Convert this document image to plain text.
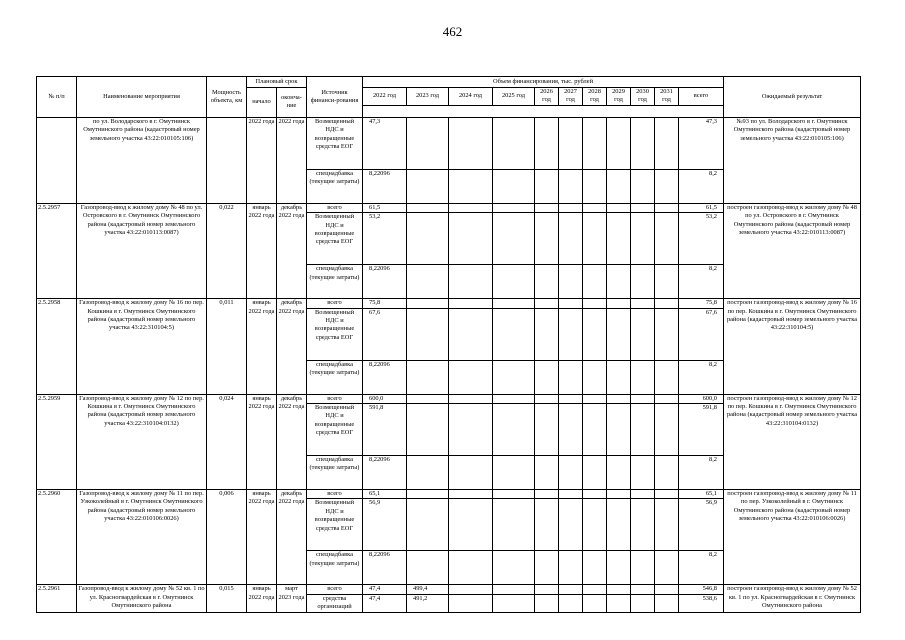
462
№ п/п	Наименование мероприятия	Мощность объекта, км	Плановый срок		Источник финанси-рования	Объем финансирования, тыс. рублей											Ожидаемый результат
			начало	оконча-ние		2022 год	2023 год	2024 год	2025 год	2026 год	2027 год	2028 год	2029 год	2030 год	2031 год	всего	

	по ул. Володарского в г. Омутнинск Омутнинского района (кадастровый номер земельного участка 43:22:010105:106)		2022 года	2022 года	Возмещенный НДС и возвращенные средства ЕОГ	47,3										47,3	№93 по ул. Володарского в г. Омутнинск Омутнинского района (кадастровый номер земельного участка 43:22:010105:106)
					спецнадбавка (текущие затраты)	8,22096										8,2	
2.5.2957	Газопровод-ввод к жилому дому № 48 по ул. Островского в г. Омутнинск Омутнинского района (кадастровый номер земельного участка 43:22:010113:0087)	0,022	январь 2022 года	декабрь 2022 года	всего	61,5										61,5	построен газопровод-ввод к жилому дому № 48 по ул. Островского в г. Омутнинск Омутнинского района (кадастровый номер земельного участка 43:22:010113:0087)
					Возмещенный НДС и возвращенные средства ЕОГ	53,2										53,2	
					спецнадбавка (текущие затраты)	8,22096										8,2	
2.5.2958	Газопровод-ввод к жилому дому № 16 по пер. Кошкина в г. Омутнинск Омутнинского района (кадастровый номер земельного участка 43:22:310104:5)	0,011	январь 2022 года	декабрь 2022 года	всего	75,8										75,8	построен газопровод-ввод к жилому дому № 16 по пер. Кошкина в г. Омутнинск Омутнинского района (кадастровый номер земельного участка 43:22:310104:5)
					Возмещенный НДС и возвращенные средства ЕОГ	67,6										67,6	
					спецнадбавка (текущие затраты)	8,22096										8,2	
2.5.2959	Газопровод-ввод к жилому дому № 12 по пер. Кошкина в г. Омутнинск Омутнинского района (кадастровый номер земельного участка 43:22:310104:0132)	0,024	январь 2022 года	декабрь 2022 года	всего	600,0										600,0	построен газопровод-ввод к жилому дому № 12 по пер. Кошкина в г. Омутнинск Омутнинского района (кадастровый номер земельного участка 43:22:310104:0132)
					Возмещенный НДС и возвращенные средства ЕОГ	591,8										591,8	
					спецнадбавка (текущие затраты)	8,22096										8,2	
2.5.2960	Газопровод-ввод к жилому дому № 11 по пер. Узкоколейный в г. Омутнинск Омутнинского района (кадастровый номер земельного участка 43:22:010106:0026)	0,006	январь 2022 года	декабрь 2022 года	всего	65,1										65,1	построен газопровод-ввод к жилому дому № 11 по пер. Узкоколейный в г. Омутнинск Омутнинского района (кадастровый номер земельного участка 43:22:010106:0026)
					Возмещенный НДС и возвращенные средства ЕОГ	56,9										56,9	
					спецнадбавка (текущие затраты)	8,22096										8,2	
2.5.2961	Газопровод-ввод к жилому дому № 52 кв. 1 по ул. Красногвардейская в г. Омутнинск Омутнинского района	0,015	январь 2022 года	март 2023 года	всего	47,4	499,4									546,8	построен газопровод-ввод к жилому дому № 52 кв. 1 по ул. Красногвардейская в г. Омутнинск Омутнинского района
					средства организаций	47,4	491,2									538,6	
